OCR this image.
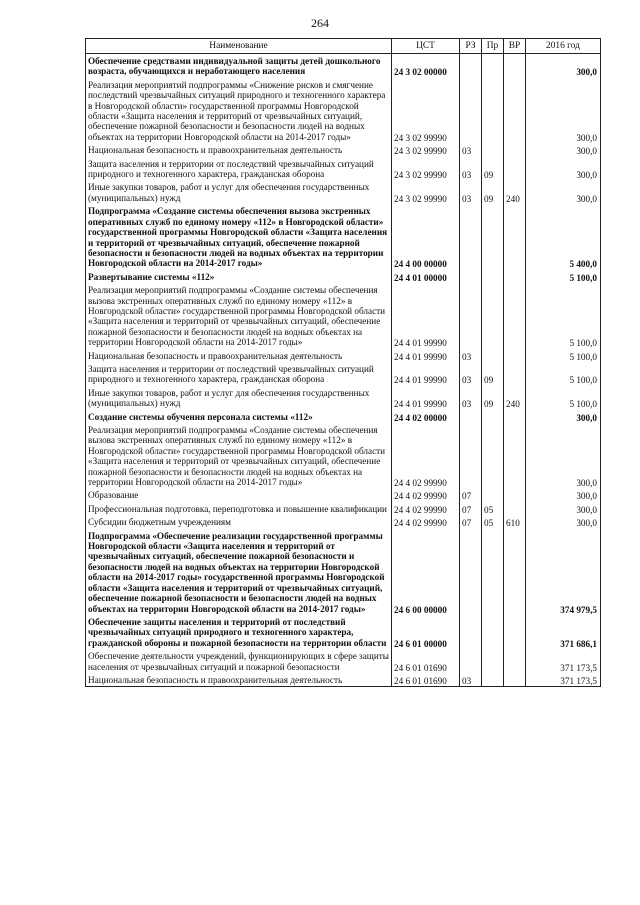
264
Наименование	ЦСТ	РЗ	Пр	ВР	2016 год
Обеспечение средствами индивидуальной защиты детей дошкольного возраста, обучающихся и неработающего населения	24 3 02 00000				300,0
Реализация мероприятий подпрограммы «Снижение рисков и смягчение последствий чрезвычайных ситуаций природного и техногенного характера в Новгородской области» государственной программы Новгородской области «Защита населения и территорий от чрезвычайных ситуаций, обеспечение пожарной безопасности и безопасности людей на водных объектах на территории Новгородской области на 2014-2017 годы»	24 3 02 99990				300,0
Национальная безопасность и правоохранительная деятельность	24 3 02 99990	03			300,0
Защита населения и территории от последствий чрезвычайных ситуаций природного и техногенного характера, гражданская оборона	24 3 02 99990	03	09		300,0
Иные закупки товаров, работ и услуг для обеспечения государственных (муниципальных) нужд	24 3 02 99990	03	09	240	300,0
Подпрограмма «Создание системы обеспечения вызова экстренных оперативных служб по единому номеру «112» в Новгородской области» государственной программы Новгородской области «Защита населения и территорий от чрезвычайных ситуаций, обеспечение пожарной безопасности и безопасности людей на водных объектах на территории Новгородской области на 2014-2017 годы»	24 4 00 00000				5 400,0
Развертывание системы «112»	24 4 01 00000				5 100,0
Реализация мероприятий подпрограммы «Создание системы обеспечения вызова экстренных оперативных служб по единому номеру «112» в Новгородской области» государственной программы Новгородской области «Защита населения и территорий от чрезвычайных ситуаций, обеспечение пожарной безопасности и безопасности людей на водных объектах на территории Новгородской области на 2014-2017 годы»	24 4 01 99990				5 100,0
Национальная безопасность и правоохранительная деятельность	24 4 01 99990	03			5 100,0
Защита населения и территории от последствий чрезвычайных ситуаций природного и техногенного характера, гражданская оборона	24 4 01 99990	03	09		5 100,0
Иные закупки товаров, работ и услуг для обеспечения государственных (муниципальных) нужд	24 4 01 99990	03	09	240	5 100,0
Создание системы обучения персонала системы «112»	24 4 02 00000				300,0
Реализация мероприятий подпрограммы «Создание системы обеспечения вызова экстренных оперативных служб по единому номеру «112» в Новгородской области» государственной программы Новгородской области «Защита населения и территорий от чрезвычайных ситуаций, обеспечение пожарной безопасности и безопасности людей на водных объектах на территории Новгородской области на 2014-2017 годы»	24 4 02 99990				300,0
Образование	24 4 02 99990	07			300,0
Профессиональная подготовка, переподготовка и повышение квалификации	24 4 02 99990	07	05		300,0
Субсидии бюджетным учреждениям	24 4 02 99990	07	05	610	300,0
Подпрограмма «Обеспечение реализации государственной программы Новгородской области «Защита населения и территорий от чрезвычайных ситуаций, обеспечение пожарной безопасности и безопасности людей на водных объектах на территории Новгородской области на 2014-2017 годы» государственной программы Новгородской области «Защита населения и территорий от чрезвычайных ситуаций, обеспечение пожарной безопасности и безопасности людей на водных объектах на территории Новгородской области на 2014-2017 годы»	24 6 00 00000				374 979,5
Обеспечение защиты населения и территорий от последствий чрезвычайных ситуаций природного и техногенного характера, гражданской обороны и пожарной безопасности на территории области	24 6 01 00000				371 686,1
Обеспечение деятельности учреждений, функционирующих в сфере защиты населения от чрезвычайных ситуаций и пожарной безопасности	24 6 01 01690				371 173,5
Национальная безопасность и правоохранительная деятельность	24 6 01 01690	03			371 173,5
